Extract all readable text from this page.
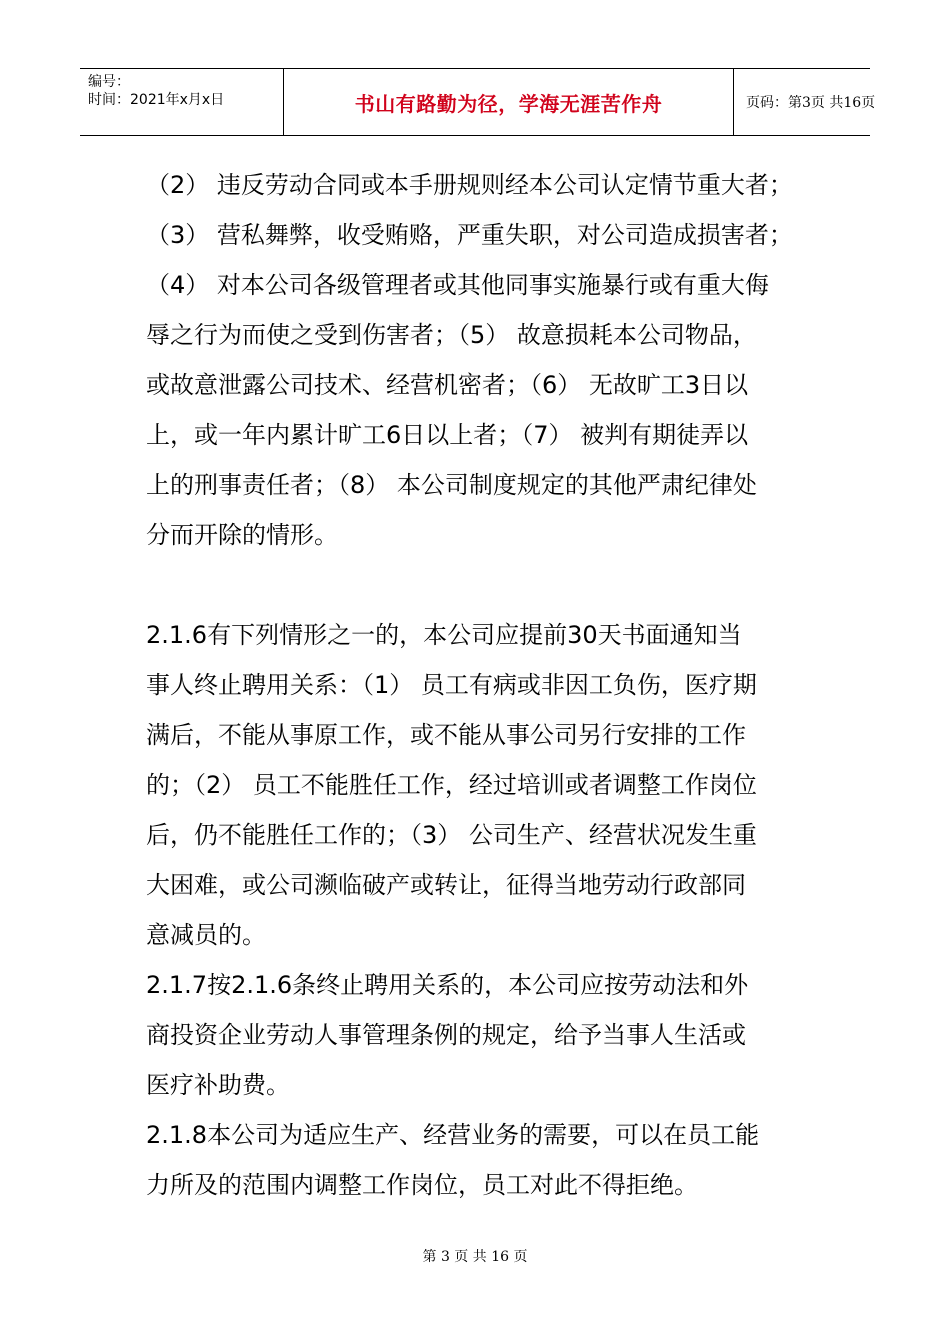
编号：
时间：2021年x月x日	书山有路勤为径，学海无涯苦作舟	页码：第3页 共16页

（2） 违反劳动合同或本手册规则经本公司认定情节重大者；

（3） 营私舞弊，收受贿赂，严重失职，对公司造成损害者；

（4） 对本公司各级管理者或其他同事实施暴行或有重大侮

辱之行为而使之受到伤害者；（5） 故意损耗本公司物品，

或故意泄露公司技术、经营机密者；（6） 无故旷工3日以

上，或一年内累计旷工6日以上者；（7） 被判有期徒弄以

上的刑事责任者；（8） 本公司制度规定的其他严肃纪律处

分而开除的情形。

2.1.6有下列情形之一的，本公司应提前30天书面通知当

事人终止聘用关系：（1） 员工有病或非因工负伤，医疗期

满后，不能从事原工作，或不能从事公司另行安排的工作

的；（2） 员工不能胜任工作，经过培训或者调整工作岗位

后，仍不能胜任工作的；（3） 公司生产、经营状况发生重

大困难，或公司濒临破产或转让，征得当地劳动行政部同

意减员的。

2.1.7按2.1.6条终止聘用关系的，本公司应按劳动法和外

商投资企业劳动人事管理条例的规定，给予当事人生活或

医疗补助费。

2.1.8本公司为适应生产、经营业务的需要，可以在员工能

力所及的范围内调整工作岗位，员工对此不得拒绝。

第 3 页 共 16 页
